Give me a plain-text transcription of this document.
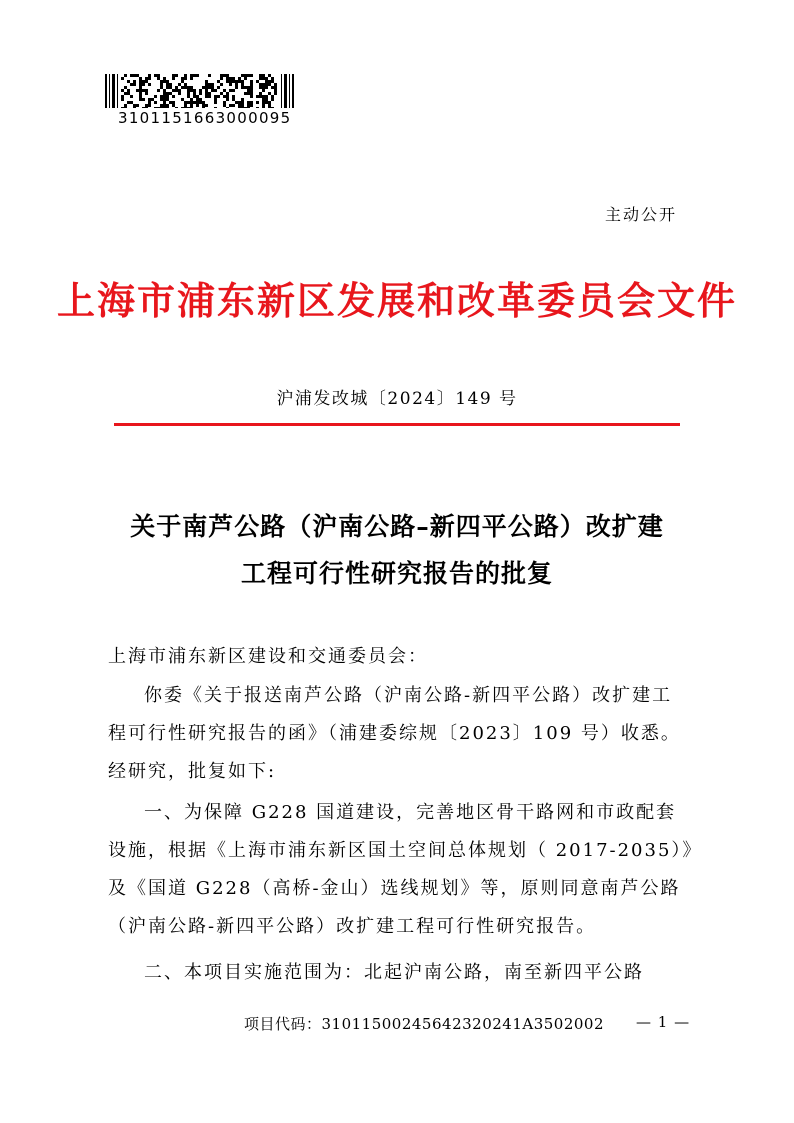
3101151663000095
主动公开
上海市浦东新区发展和改革委员会文件
沪浦发改城〔2024〕149 号
关于南芦公路（沪南公路–新四平公路）改扩建
工程可行性研究报告的批复
上海市浦东新区建设和交通委员会：
你委《关于报送南芦公路（沪南公路-新四平公路）改扩建工
程可行性研究报告的函》（浦建委综规〔2023〕109 号）收悉。
经研究，批复如下:
一、为保障 G228 国道建设，完善地区骨干路网和市政配套
设施，根据《上海市浦东新区国土空间总体规划（ 2017-2035）》
及《国道 G228（高桥-金山）选线规划》等，原则同意南芦公路
（沪南公路-新四平公路）改扩建工程可行性研究报告。
二、本项目实施范围为：北起沪南公路，南至新四平公路
项目代码：31011500245642320241A3502002 — 1 —
